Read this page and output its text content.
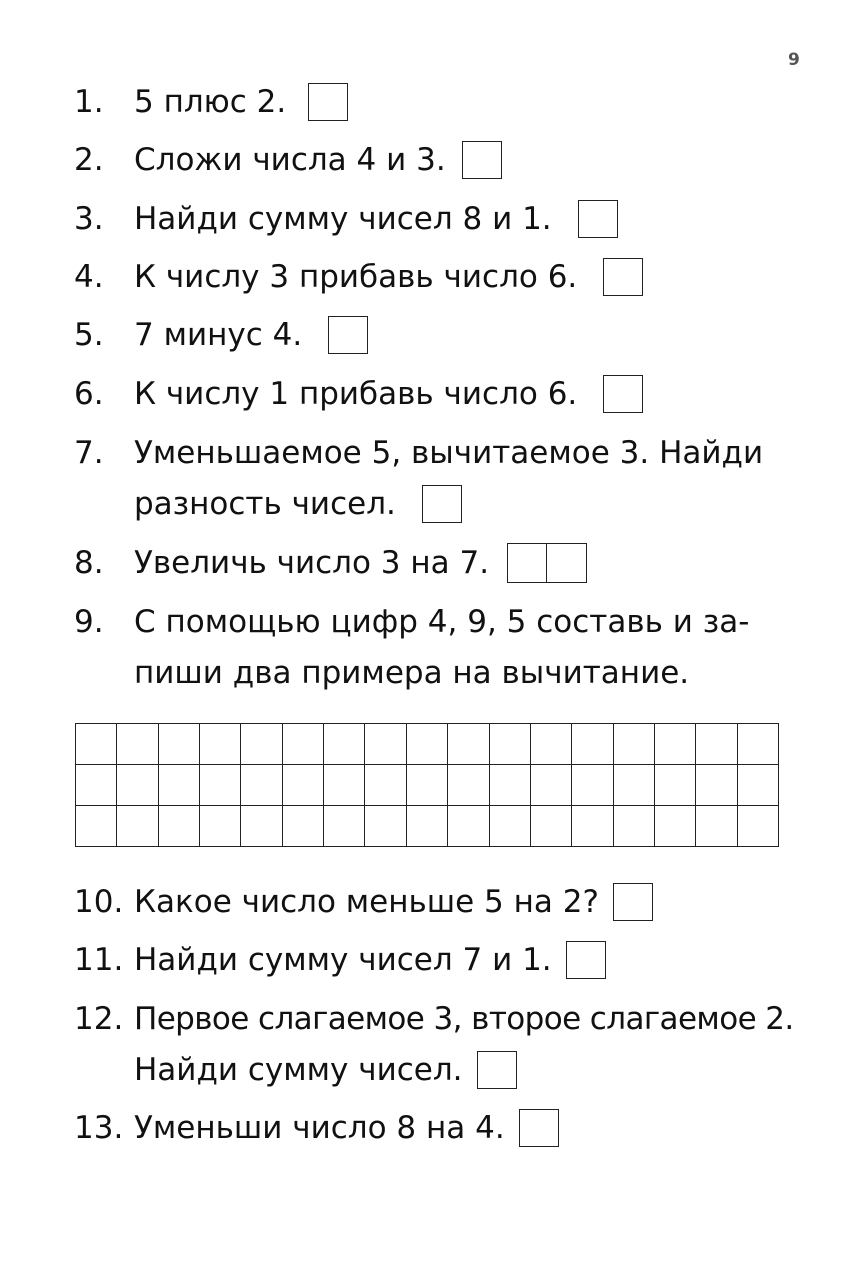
9
1. 5 плюс 2.
2. Сложи числа 4 и 3.
3. Найди сумму чисел 8 и 1.
4. К числу 3 прибавь число 6.
5. 7 минус 4.
6. К числу 1 прибавь число 6.
7. Уменьшаемое 5, вычитаемое 3. Найди
разность чисел.
8. Увеличь число 3 на 7.
9. С помощью цифр 4, 9, 5 составь и за-
пиши два примера на вычитание.
10. Какое число меньше 5 на 2?
11. Найди сумму чисел 7 и 1.
12. Первое слагаемое 3, второе слагаемое 2.
Найди сумму чисел.
13. Уменьши число 8 на 4.
